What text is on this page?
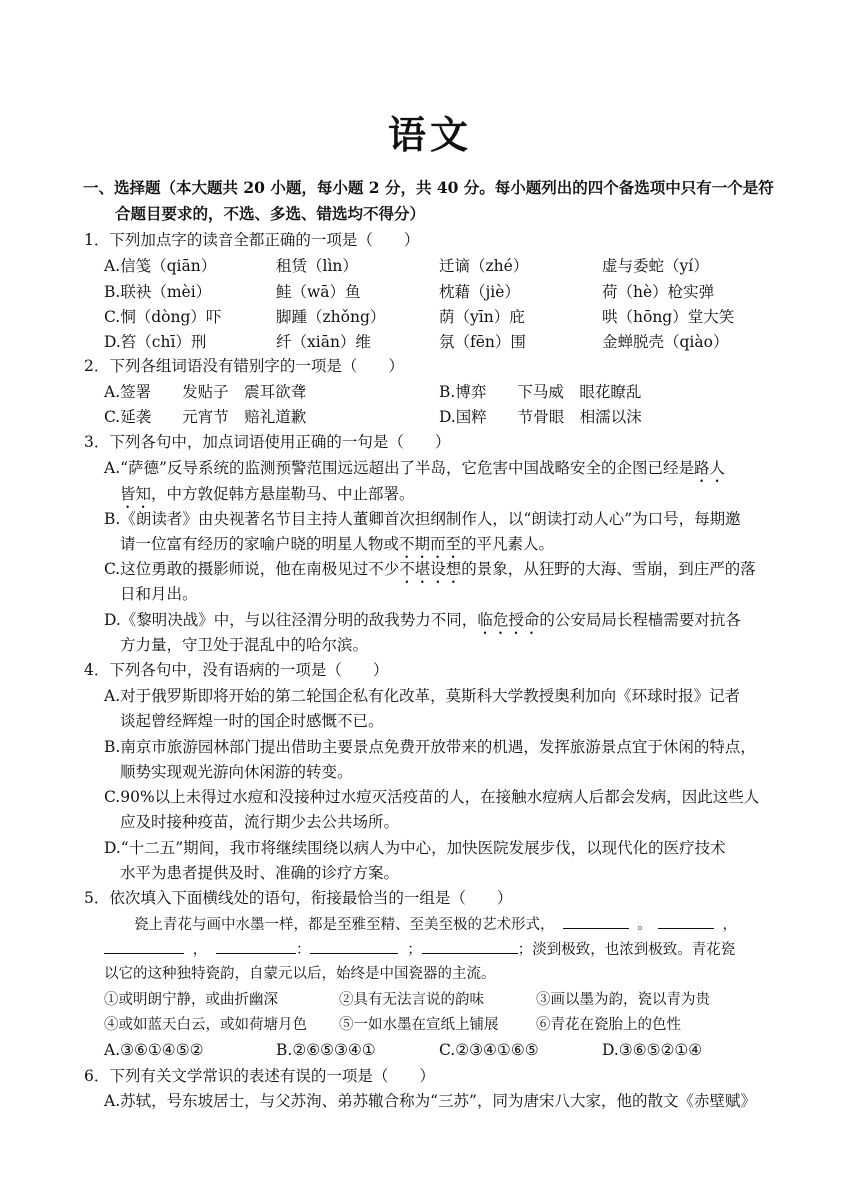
语文
一、选择题（本大题共 20 小题，每小题 2 分，共 40 分。每小题列出的四个备选项中只有一个是符
合题目要求的，不选、多选、错选均不得分）
1．下列加点字的读音全都正确的一项是（　　）
A.信笺（qiān）	租赁（lìn）	迁谪（zhé）	虚与委蛇（yí）
B.联袂（mèi）	鲑（wā）鱼	枕藉（jiè）	荷（hè）枪实弹
C.恫（dòng）吓	脚踵（zhǒng）	荫（yīn）庇	哄（hōng）堂大笑
D.笞（chī）刑	纤（xiān）维	氛（fēn）围	金蝉脱壳（qiào）
2．下列各组词语没有错别字的一项是（　　）
A.签署　　发贴子　震耳欲聋	B.博弈　　下马威　眼花瞭乱
C.延袭　　元宵节　赔礼道歉	D.国粹　　节骨眼　相濡以沫
3．下列各句中，加点词语使用正确的一句是（　　）
A.“萨德”反导系统的监测预警范围远远超出了半岛，它危害中国战略安全的企图已经是路人
皆知，中方敦促韩方悬崖勒马、中止部署。
B.《朗读者》由央视著名节目主持人董卿首次担纲制作人，以“朗读打动人心”为口号，每期邀
请一位富有经历的家喻户晓的明星人物或不期而至的平凡素人。
C.这位勇敢的摄影师说，他在南极见过不少不堪设想的景象，从狂野的大海、雪崩，到庄严的落
日和月出。
D.《黎明决战》中，与以往泾渭分明的敌我势力不同，临危授命的公安局局长程樯需要对抗各
方力量，守卫处于混乱中的哈尔滨。
4．下列各句中，没有语病的一项是（　　）
A.对于俄罗斯即将开始的第二轮国企私有化改革，莫斯科大学教授奥利加向《环球时报》记者
谈起曾经辉煌一时的国企时感慨不已。
B.南京市旅游园林部门提出借助主要景点免费开放带来的机遇，发挥旅游景点宜于休闲的特点，
顺势实现观光游向休闲游的转变。
C.90%以上未得过水痘和没接种过水痘灭活疫苗的人，在接触水痘病人后都会发病，因此这些人
应及时接种疫苗，流行期少去公共场所。
D.“十二五”期间，我市将继续围绕以病人为中心，加快医院发展步伐，以现代化的医疗技术
水平为患者提供及时、准确的诊疗方案。
5．依次填入下面横线处的语句，衔接最恰当的一组是（　　）
瓷上青花与画中水墨一样，都是至雅至精、至美至极的艺术形式，	。	，
，	：	；	；淡到极致，也浓到极致。青花瓷
以它的这种独特瓷韵，自蒙元以后，始终是中国瓷器的主流。
①或明朗宁静，或曲折幽深	②具有无法言说的韵味	③画以墨为韵，瓷以青为贵
④或如蓝天白云，或如荷塘月色 ⑤一如水墨在宣纸上铺展	⑥青花在瓷胎上的色性
A.③⑥①④⑤②	B.②⑥⑤③④①	C.②③④①⑥⑤	D.③⑥⑤②①④
6．下列有关文学常识的表述有误的一项是（　　）
A.苏轼，号东坡居士，与父苏洵、弟苏辙合称为“三苏”，同为唐宋八大家，他的散文《赤壁赋》
